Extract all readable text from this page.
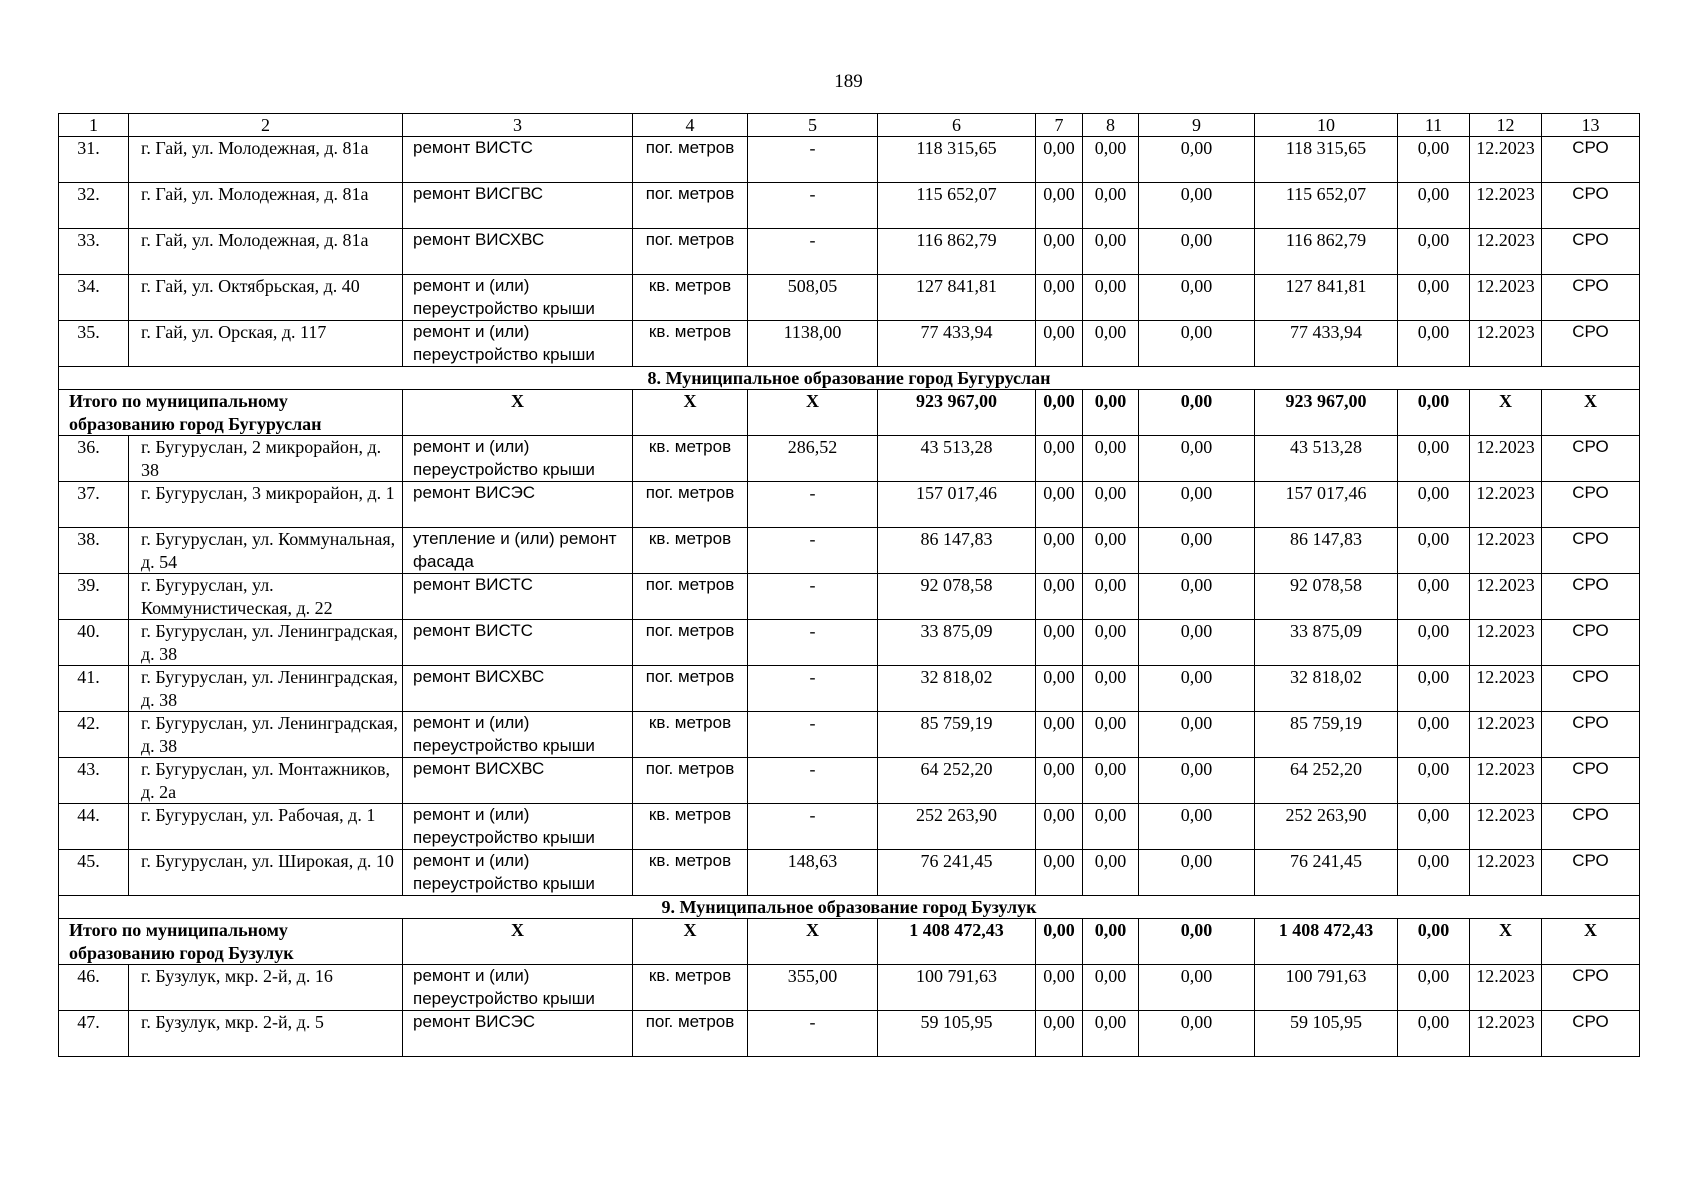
189
1	2	3	4	5	6	7	8	9	10	11	12	13
31.	г. Гай, ул. Молодежная, д. 81а	ремонт ВИСТС	пог. метров	-	118 315,65	0,00	0,00	0,00	118 315,65	0,00	12.2023	СРО
32.	г. Гай, ул. Молодежная, д. 81а	ремонт ВИСГВС	пог. метров	-	115 652,07	0,00	0,00	0,00	115 652,07	0,00	12.2023	СРО
33.	г. Гай, ул. Молодежная, д. 81а	ремонт ВИСХВС	пог. метров	-	116 862,79	0,00	0,00	0,00	116 862,79	0,00	12.2023	СРО
34.	г. Гай, ул. Октябрьская, д. 40	ремонт и (или) переустройство крыши	кв. метров	508,05	127 841,81	0,00	0,00	0,00	127 841,81	0,00	12.2023	СРО
35.	г. Гай, ул. Орская, д. 117	ремонт и (или) переустройство крыши	кв. метров	1138,00	77 433,94	0,00	0,00	0,00	77 433,94	0,00	12.2023	СРО
8. Муниципальное образование город Бугуруслан												
Итого по муниципальному образованию город Бугуруслан		Х	Х	Х	923 967,00	0,00	0,00	0,00	923 967,00	0,00	Х	Х
36.	г. Бугуруслан, 2 микрорайон, д. 38	ремонт и (или) переустройство крыши	кв. метров	286,52	43 513,28	0,00	0,00	0,00	43 513,28	0,00	12.2023	СРО
37.	г. Бугуруслан, 3 микрорайон, д. 1	ремонт ВИСЭС	пог. метров	-	157 017,46	0,00	0,00	0,00	157 017,46	0,00	12.2023	СРО
38.	г. Бугуруслан, ул. Коммунальная, д. 54	утепление и (или) ремонт фасада	кв. метров	-	86 147,83	0,00	0,00	0,00	86 147,83	0,00	12.2023	СРО
39.	г. Бугуруслан, ул. Коммунистическая, д. 22	ремонт ВИСТС	пог. метров	-	92 078,58	0,00	0,00	0,00	92 078,58	0,00	12.2023	СРО
40.	г. Бугуруслан, ул. Ленинградская, д. 38	ремонт ВИСТС	пог. метров	-	33 875,09	0,00	0,00	0,00	33 875,09	0,00	12.2023	СРО
41.	г. Бугуруслан, ул. Ленинградская, д. 38	ремонт ВИСХВС	пог. метров	-	32 818,02	0,00	0,00	0,00	32 818,02	0,00	12.2023	СРО
42.	г. Бугуруслан, ул. Ленинградская, д. 38	ремонт и (или) переустройство крыши	кв. метров	-	85 759,19	0,00	0,00	0,00	85 759,19	0,00	12.2023	СРО
43.	г. Бугуруслан, ул. Монтажников, д. 2а	ремонт ВИСХВС	пог. метров	-	64 252,20	0,00	0,00	0,00	64 252,20	0,00	12.2023	СРО
44.	г. Бугуруслан, ул. Рабочая, д. 1	ремонт и (или) переустройство крыши	кв. метров	-	252 263,90	0,00	0,00	0,00	252 263,90	0,00	12.2023	СРО
45.	г. Бугуруслан, ул. Широкая, д. 10	ремонт и (или) переустройство крыши	кв. метров	148,63	76 241,45	0,00	0,00	0,00	76 241,45	0,00	12.2023	СРО
9. Муниципальное образование город Бузулук												
Итого по муниципальному образованию город Бузулук		Х	Х	Х	1 408 472,43	0,00	0,00	0,00	1 408 472,43	0,00	Х	Х
46.	г. Бузулук, мкр. 2-й, д. 16	ремонт и (или) переустройство крыши	кв. метров	355,00	100 791,63	0,00	0,00	0,00	100 791,63	0,00	12.2023	СРО
47.	г. Бузулук, мкр. 2-й, д. 5	ремонт ВИСЭС	пог. метров	-	59 105,95	0,00	0,00	0,00	59 105,95	0,00	12.2023	СРО
